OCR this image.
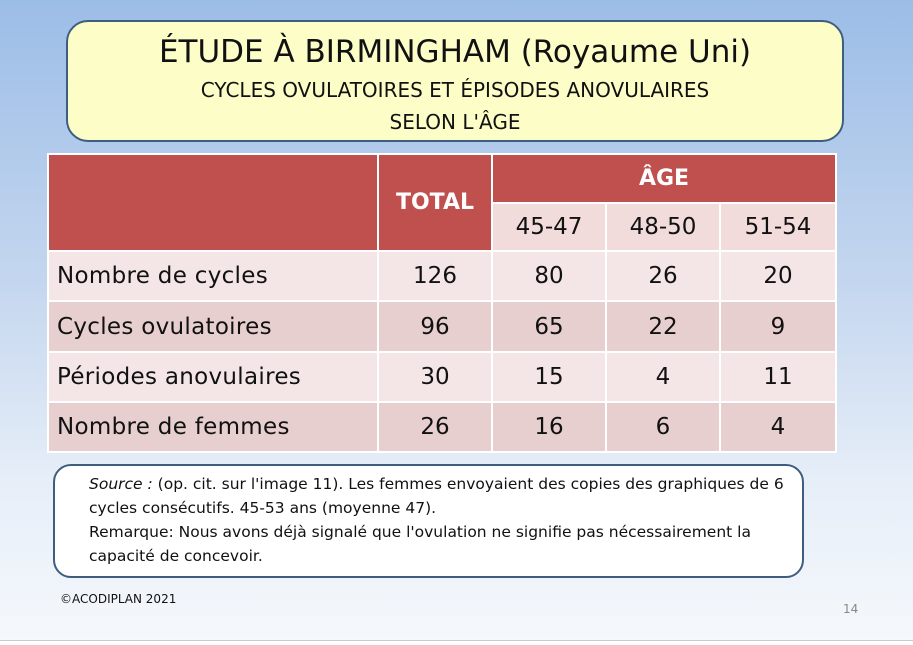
ÉTUDE À BIRMINGHAM (Royaume Uni)
CYCLES OVULATOIRES ET ÉPISODES ANOVULAIRES
SELON L'ÂGE
	TOTAL	ÂGE		
		45-47	48-50	51-54
Nombre de cycles	126	80	26	20
Cycles ovulatoires	96	65	22	9
Périodes anovulaires	30	15	4	11
Nombre de femmes	26	16	6	4
Source : (op. cit. sur l'image 11). Les femmes envoyaient des copies des graphiques de 6 cycles consécutifs. 45-53 ans (moyenne 47).
Remarque: Nous avons déjà signalé que l'ovulation ne signifie pas nécessairement la capacité de concevoir.
©ACODIPLAN 2021
14
